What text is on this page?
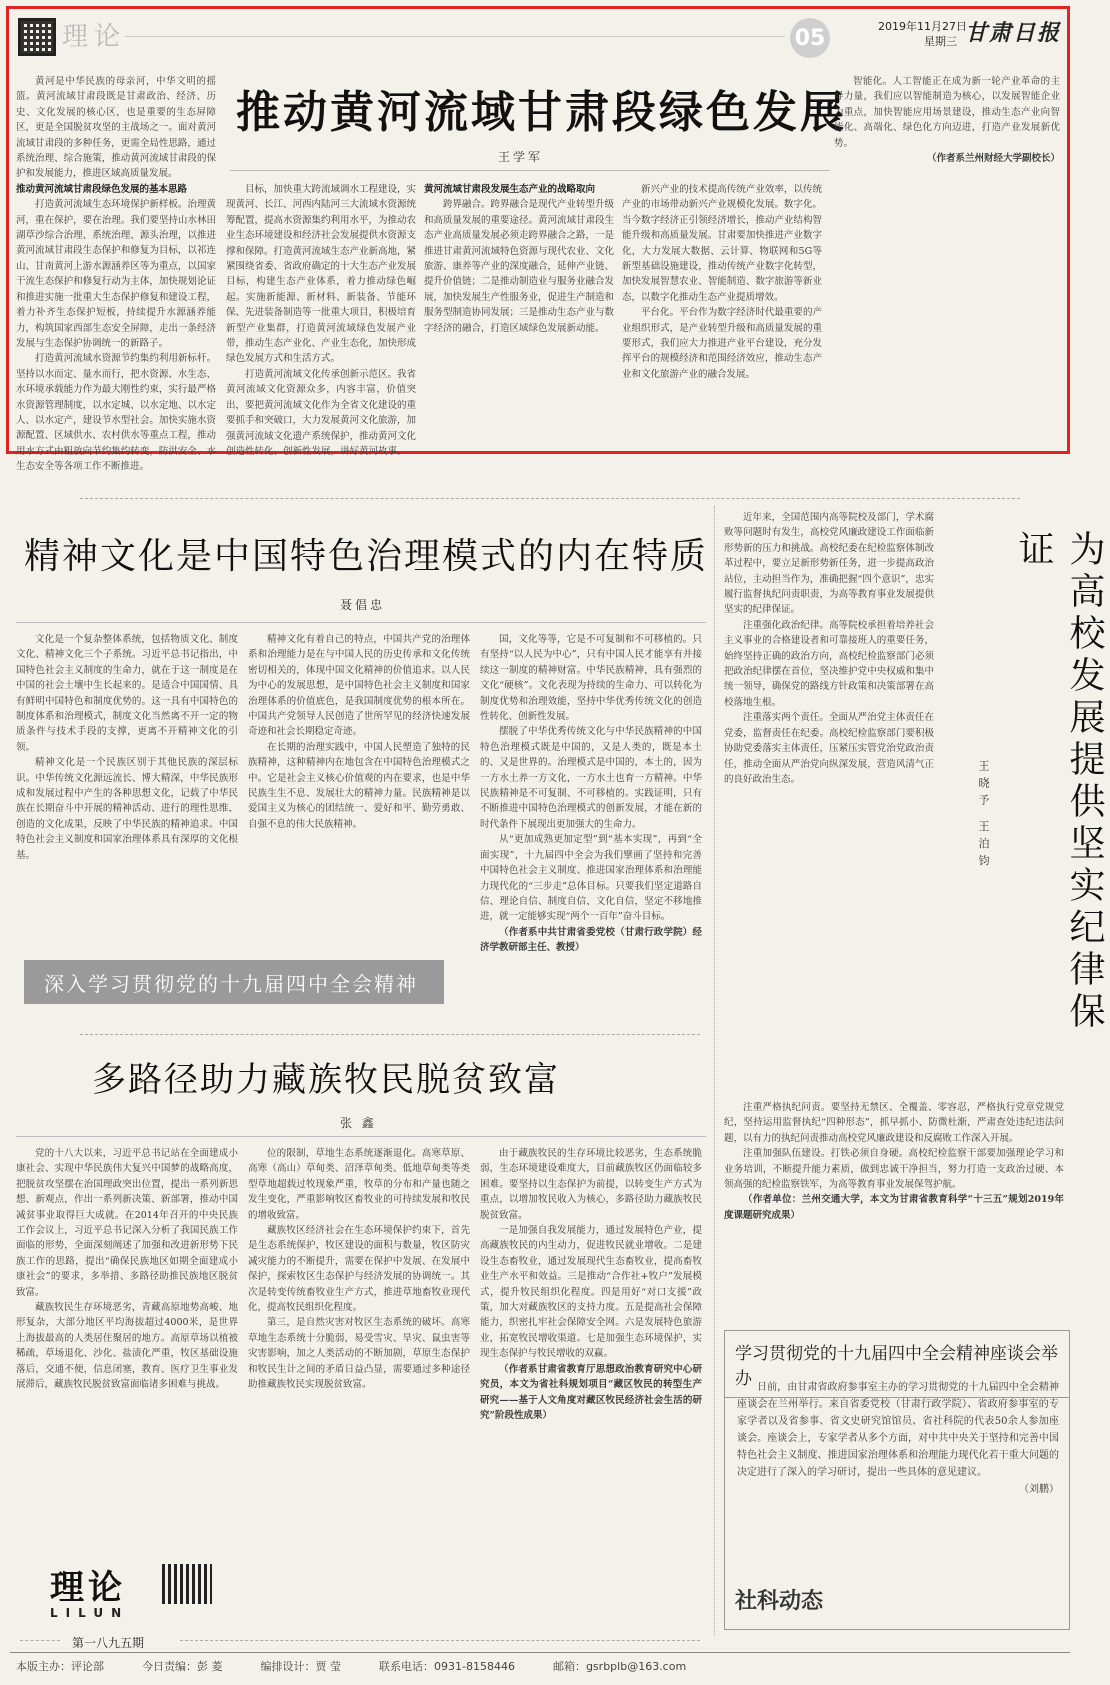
理论	05	2019年11月27日
星期三 甘肃日报
推动黄河流域甘肃段绿色发展
王学军

黄河是中华民族的母亲河，中华文明的摇篮。黄河流域甘肃段既是甘肃政治、经济、历史、文化发展的核心区，也是重要的生态屏障区，更是全国脱贫攻坚的主战场之一。面对黄河流域甘肃段的多种任务，更需全局性思路，通过系统治理、综合施策，推动黄河流域甘肃段的保护和发展能力，推进区域高质量发展。

推动黄河流域甘肃段绿色发展的基本思路

打造黄河流域生态环境保护新样板。治理黄河，重在保护，要在治理。我们要坚持山水林田湖草沙综合治理、系统治理、源头治理，以推进黄河流域甘肃段生态保护和修复为目标，以祁连山、甘南黄河上游水源涵养区等为重点，以国家干流生态保护和修复行动为主体，加快规划论证和推进实施一批重大生态保护修复和建设工程，着力补齐生态保护短板，持续提升水源涵养能力，构筑国家西部生态安全屏障，走出一条经济发展与生态保护协调统一的新路子。

打造黄河流域水资源节约集约利用新标杆。坚持以水而定、量水而行，把水资源、水生态、水环境承载能力作为最大刚性约束，实行最严格水资源管理制度，以水定城、以水定地、以水定人、以水定产，建设节水型社会。加快实施水资源配置、区域供水、农村供水等重点工程，推动用水方式由粗放向节约集约转变，防洪安全、水生态安全等各项工作不断推进。

目标，加快重大跨流域调水工程建设，实现黄河、长江、河西内陆河三大流域水资源统筹配置，提高水资源集约利用水平，为推动农业生态环境建设和经济社会发展提供水资源支撑和保障。打造黄河流域生态产业新高地，紧紧围绕省委、省政府确定的十大生态产业发展目标，构建生态产业体系，着力推动绿色崛起。实施新能源、新材料、新装备、节能环保、先进装备制造等一批重大项目，积极培育新型产业集群，打造黄河流域绿色发展产业带，推动生态产业化、产业生态化，加快形成绿色发展方式和生活方式。

打造黄河流域文化传承创新示范区。我省黄河流域文化资源众多，内容丰富，价值突出，要把黄河流域文化作为全省文化建设的重要抓手和突破口，大力发展黄河文化旅游，加强黄河流域文化遗产系统保护，推动黄河文化创造性转化、创新性发展，讲好黄河故事。

黄河流域甘肃段发展生态产业的战略取向

跨界融合。跨界融合是现代产业转型升级和高质量发展的重要途径。黄河流域甘肃段生态产业高质量发展必须走跨界融合之路，一是推进甘肃黄河流域特色资源与现代农业、文化旅游、康养等产业的深度融合，延伸产业链、提升价值链；二是推动制造业与服务业融合发展，加快发展生产性服务业，促进生产制造和服务型制造协同发展；三是推动生态产业与数字经济的融合，打造区域绿色发展新动能。

新兴产业的技术提高传统产业效率，以传统产业的市场带动新兴产业规模化发展。数字化。当今数字经济正引领经济增长，推动产业结构智能升级和高质量发展。甘肃要加快推进产业数字化，大力发展大数据、云计算、物联网和5G等新型基础设施建设，推动传统产业数字化转型，加快发展智慧农业、智能制造、数字旅游等新业态，以数字化推动生态产业提质增效。

平台化。平台作为数字经济时代最重要的产业组织形式，是产业转型升级和高质量发展的重要形式，我们应大力推进产业平台建设，充分发挥平台的规模经济和范围经济效应，推动生态产业和文化旅游产业的融合发展。

智能化。人工智能正在成为新一轮产业革命的主导力量，我们应以智能制造为核心，以发展智能企业为重点，加快智能应用场景建设，推动生态产业向智能化、高端化、绿色化方向迈进，打造产业发展新优势。

（作者系兰州财经大学副校长）

精神文化是中国特色治理模式的内在特质
聂倡忠

文化是一个复杂整体系统，包括物质文化、制度文化、精神文化三个子系统。习近平总书记指出，中国特色社会主义制度的生命力，就在于这一制度是在中国的社会土壤中生长起来的。是适合中国国情、具有鲜明中国特色和制度优势的。这一具有中国特色的制度体系和治理模式，制度文化当然离不开一定的物质条件与技术手段的支撑，更离不开精神文化的引领。

精神文化是一个民族区别于其他民族的深层标识。中华传统文化源远流长、博大精深，中华民族形成和发展过程中产生的各种思想文化，记载了中华民族在长期奋斗中开展的精神活动、进行的理性思维、创造的文化成果，反映了中华民族的精神追求。中国特色社会主义制度和国家治理体系具有深厚的文化根基。

精神文化有着自己的特点，中国共产党的治理体系和治理能力是在与中国人民的历史传承和文化传统密切相关的，体现中国文化精神的价值追求。以人民为中心的发展思想，是中国特色社会主义制度和国家治理体系的价值底色，是我国制度优势的根本所在。中国共产党领导人民创造了世所罕见的经济快速发展奇迹和社会长期稳定奇迹。

在长期的治理实践中，中国人民塑造了独特的民族精神，这种精神内在地包含在中国特色治理模式之中。它是社会主义核心价值观的内在要求，也是中华民族生生不息、发展壮大的精神力量。民族精神是以爱国主义为核心的团结统一、爱好和平、勤劳勇敢、自强不息的伟大民族精神。

国，文化等等，它是不可复制和不可移植的。只有坚持“以人民为中心”，只有中国人民才能享有并接续这一制度的精神财富。中华民族精神，具有强烈的文化“硬核”。文化表现为持续的生命力、可以转化为制度优势和治理效能，坚持中华优秀传统文化的创造性转化、创新性发展。

摆脱了中华优秀传统文化与中华民族精神的中国特色治理模式既是中国的，又是人类的，既是本土的、又是世界的。治理模式是中国的，本土的，因为一方水土养一方文化，一方水土也育一方精神。中华民族精神是不可复制、不可移植的。实践证明，只有不断推进中国特色治理模式的创新发展，才能在新的时代条件下展现出更加强大的生命力。

从“更加成熟更加定型”到“基本实现”，再到“全面实现”，十九届四中全会为我们擘画了坚持和完善中国特色社会主义制度、推进国家治理体系和治理能力现代化的“三步走”总体目标。只要我们坚定道路自信、理论自信、制度自信、文化自信，坚定不移地推进，就一定能够实现“两个一百年”奋斗目标。

（作者系中共甘肃省委党校（甘肃行政学院）经济学教研部主任、教授）

深入学习贯彻党的十九届四中全会精神
多路径助力藏族牧民脱贫致富
张 鑫

党的十八大以来，习近平总书记站在全面建成小康社会、实现中华民族伟大复兴中国梦的战略高度，把脱贫攻坚摆在治国理政突出位置，提出一系列新思想、新观点，作出一系列新决策、新部署，推动中国减贫事业取得巨大成就。在2014年召开的中央民族工作会议上，习近平总书记深入分析了我国民族工作面临的形势，全面深刻阐述了加强和改进新形势下民族工作的思路，提出“确保民族地区如期全面建成小康社会”的要求，多举措、多路径助推民族地区脱贫致富。

藏族牧民生存环境恶劣，青藏高原地势高峻、地形复杂，大部分地区平均海拔超过4000米，是世界上海拔最高的人类居住聚居的地方。高原草场以植被稀疏，草场退化、沙化、盐渍化严重，牧区基础设施落后，交通不便，信息闭塞，教育、医疗卫生事业发展滞后，藏族牧民脱贫致富面临诸多困难与挑战。

位的限制，草地生态系统逐渐退化。高寒草原、高寒（高山）草甸类、沼泽草甸类、低地草甸类等类型草地超载过牧现象严重，牧草的分布和产量也随之发生变化，严重影响牧区畜牧业的可持续发展和牧民的增收致富。

藏族牧区经济社会在生态环境保护约束下，首先是生态系统保护，牧区建设的面积与数量，牧区防灾减灾能力的不断提升，需要在保护中发展、在发展中保护，探索牧区生态保护与经济发展的协调统一。其次是转变传统畜牧业生产方式，推进草地畜牧业现代化，提高牧民组织化程度。

第三，是自然灾害对牧区生态系统的破坏。高寒草地生态系统十分脆弱，易受雪灾、旱灾、鼠虫害等灾害影响，加之人类活动的不断加剧，草原生态保护和牧民生计之间的矛盾日益凸显，需要通过多种途径助推藏族牧民实现脱贫致富。

由于藏族牧民的生存环境比较恶劣，生态系统脆弱，生态环境建设难度大，目前藏族牧区仍面临较多困难。要坚持以生态保护为前提，以转变生产方式为重点，以增加牧民收入为核心，多路径助力藏族牧民脱贫致富。

一是加强自我发展能力，通过发展特色产业，提高藏族牧民的内生动力，促进牧民就业增收。二是建设生态畜牧业，通过发展现代生态畜牧业，提高畜牧业生产水平和效益。三是推动“合作社+牧户”发展模式，提升牧民组织化程度。四是用好“对口支援”政策，加大对藏族牧区的支持力度。五是提高社会保障能力，织密扎牢社会保障安全网。六是发展特色旅游业，拓宽牧民增收渠道。七是加强生态环境保护，实现生态保护与牧民增收的双赢。

（作者系甘肃省教育厅思想政治教育研究中心研究员，本文为省社科规划项目“藏区牧民的转型生产研究——基于人文角度对藏区牧民经济社会生活的研究”阶段性成果）

理论
LILUN
第一八九五期

近年来，全国范围内高等院校及部门，学术腐败等问题时有发生，高校党风廉政建设工作面临新形势新的压力和挑战。高校纪委在纪检监察体制改革过程中，要立足新形势新任务，进一步提高政治站位，主动担当作为，准确把握“四个意识”，忠实履行监督执纪问责职责，为高等教育事业发展提供坚实的纪律保证。

注重强化政治纪律。高等院校承担着培养社会主义事业的合格建设者和可靠接班人的重要任务，始终坚持正确的政治方向，高校纪检监察部门必须把政治纪律摆在首位，坚决维护党中央权威和集中统一领导，确保党的路线方针政策和决策部署在高校落地生根。

注重落实两个责任。全面从严治党主体责任在党委，监督责任在纪委。高校纪检监察部门要积极协助党委落实主体责任，压紧压实管党治党政治责任，推动全面从严治党向纵深发展，营造风清气正的良好政治生态。	为高校发展提供坚实纪律保证
王晓予 王泊钧

注重严格执纪问责。要坚持无禁区、全覆盖、零容忍，严格执行党章党规党纪，坚持运用监督执纪“四种形态”，抓早抓小、防微杜渐，严肃查处违纪违法问题，以有力的执纪问责推动高校党风廉政建设和反腐败工作深入开展。

注重加强队伍建设。打铁必须自身硬。高校纪检监察干部要加强理论学习和业务培训，不断提升能力素质，做到忠诚干净担当，努力打造一支政治过硬、本领高强的纪检监察铁军，为高等教育事业发展保驾护航。

（作者单位：兰州交通大学，本文为甘肃省教育科学“十三五”规划2019年度课题研究成果）

学习贯彻党的十九届四中全会精神座谈会举办 日前，由甘肃省政府参事室主办的学习贯彻党的十九届四中全会精神座谈会在兰州举行。来自省委党校（甘肃行政学院）、省政府参事室的专家学者以及省参事、省文史研究馆馆员、省社科院的代表50余人参加座谈会。座谈会上，专家学者从多个方面，对中共中央关于坚持和完善中国特色社会主义制度、推进国家治理体系和治理能力现代化若干重大问题的决定进行了深入的学习研讨，提出一些具体的意见建议。

（刘鹏）

社科动态
本版主办：评论部	今日责编：彭 菱	编排设计：贾 莹	联系电话：0931-8158446	邮箱：gsrbplb@163.com
